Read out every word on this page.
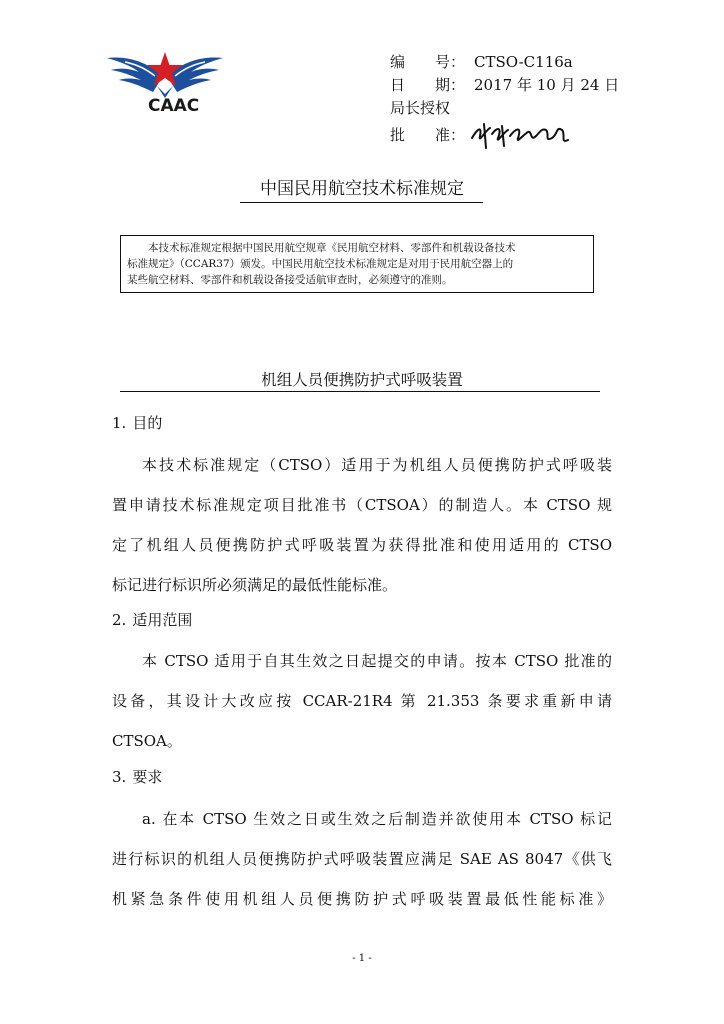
CAAC
编　　号： CTSO-C116a
日　　期： 2017 年 10 月 24 日
局长授权
批　　准：
中国民用航空技术标准规定
本技术标准规定根据中国民用航空规章《民用航空材料、零部件和机载设备技术
标准规定》（CCAR37）颁发。中国民用航空技术标准规定是对用于民用航空器上的
某些航空材料、零部件和机载设备接受适航审查时，必须遵守的准则。
机组人员便携防护式呼吸装置
1. 目的
本技术标准规定（CTSO）适用于为机组人员便携防护式呼吸装
置申请技术标准规定项目批准书（CTSOA）的制造人。本 CTSO 规
定了机组人员便携防护式呼吸装置为获得批准和使用适用的 CTSO
标记进行标识所必须满足的最低性能标准。
2. 适用范围
本 CTSO 适用于自其生效之日起提交的申请。按本 CTSO 批准的
设备，其设计大改应按 CCAR-21R4 第 21.353 条要求重新申请
CTSOA。
3. 要求
a. 在本 CTSO 生效之日或生效之后制造并欲使用本 CTSO 标记
进行标识的机组人员便携防护式呼吸装置应满足 SAE AS 8047《供飞
机紧急条件使用机组人员便携防护式呼吸装置最低性能标准》
- 1 -
